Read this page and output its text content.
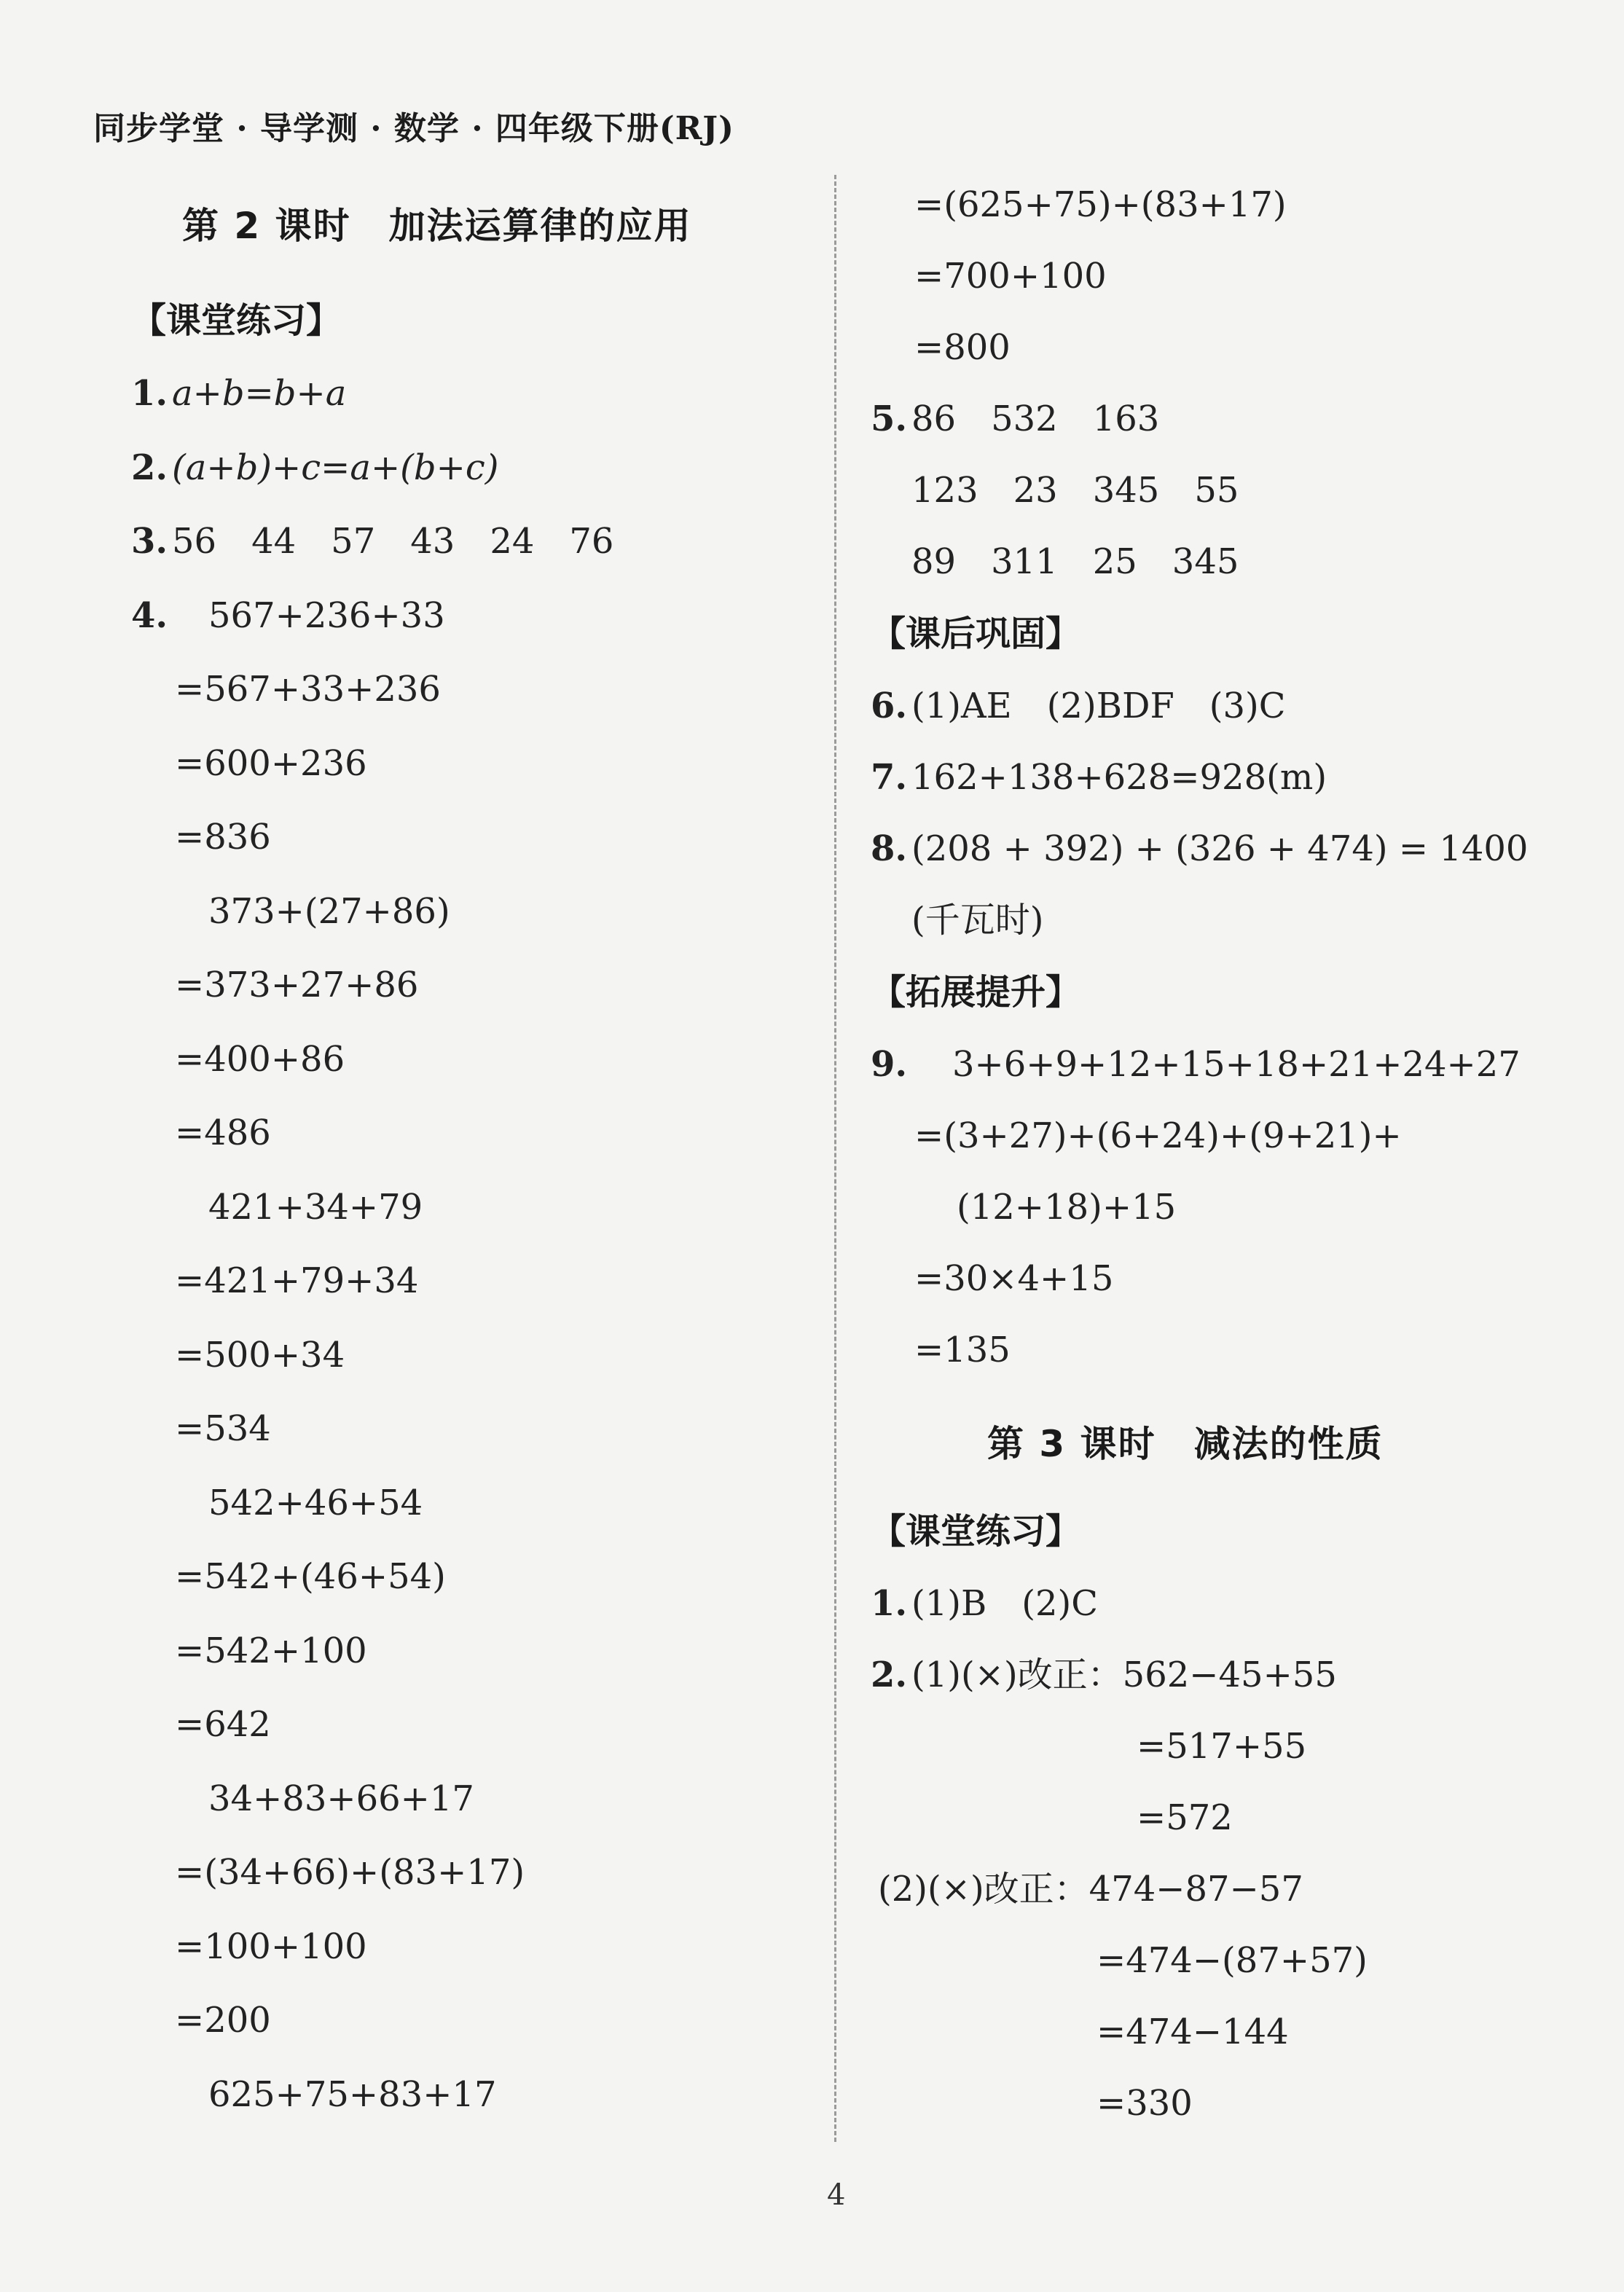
同步学堂 · 导学测 · 数学 · 四年级下册(RJ)
第 2 课时　加法运算律的应用
【课堂练习】
1. a+b=b+a
2. (a+b)+c=a+(b+c)
3. 56　44　57　43　24　76
4. 567+236+33
=567+33+236
=600+236
=836
373+(27+86)
=373+27+86
=400+86
=486
421+34+79
=421+79+34
=500+34
=534
542+46+54
=542+(46+54)
=542+100
=642
34+83+66+17
=(34+66)+(83+17)
=100+100
=200
625+75+83+17
=(625+75)+(83+17)
=700+100
=800
5. 86　532　163
123　23　345　55
89　311　25　345
【课后巩固】
6. (1)AE　(2)BDF　(3)C
7. 162+138+628=928(m)
8. (208 + 392) + (326 + 474) = 1400
(千瓦时)
【拓展提升】
9. 3+6+9+12+15+18+21+24+27
=(3+27)+(6+24)+(9+21)+
(12+18)+15
=30×4+15
=135
第 3 课时　减法的性质
【课堂练习】
1. (1)B　(2)C
2. (1)(×)改正：562−45+55
=517+55
=572
(2)(×)改正：474−87−57
=474−(87+57)
=474−144
=330
4
